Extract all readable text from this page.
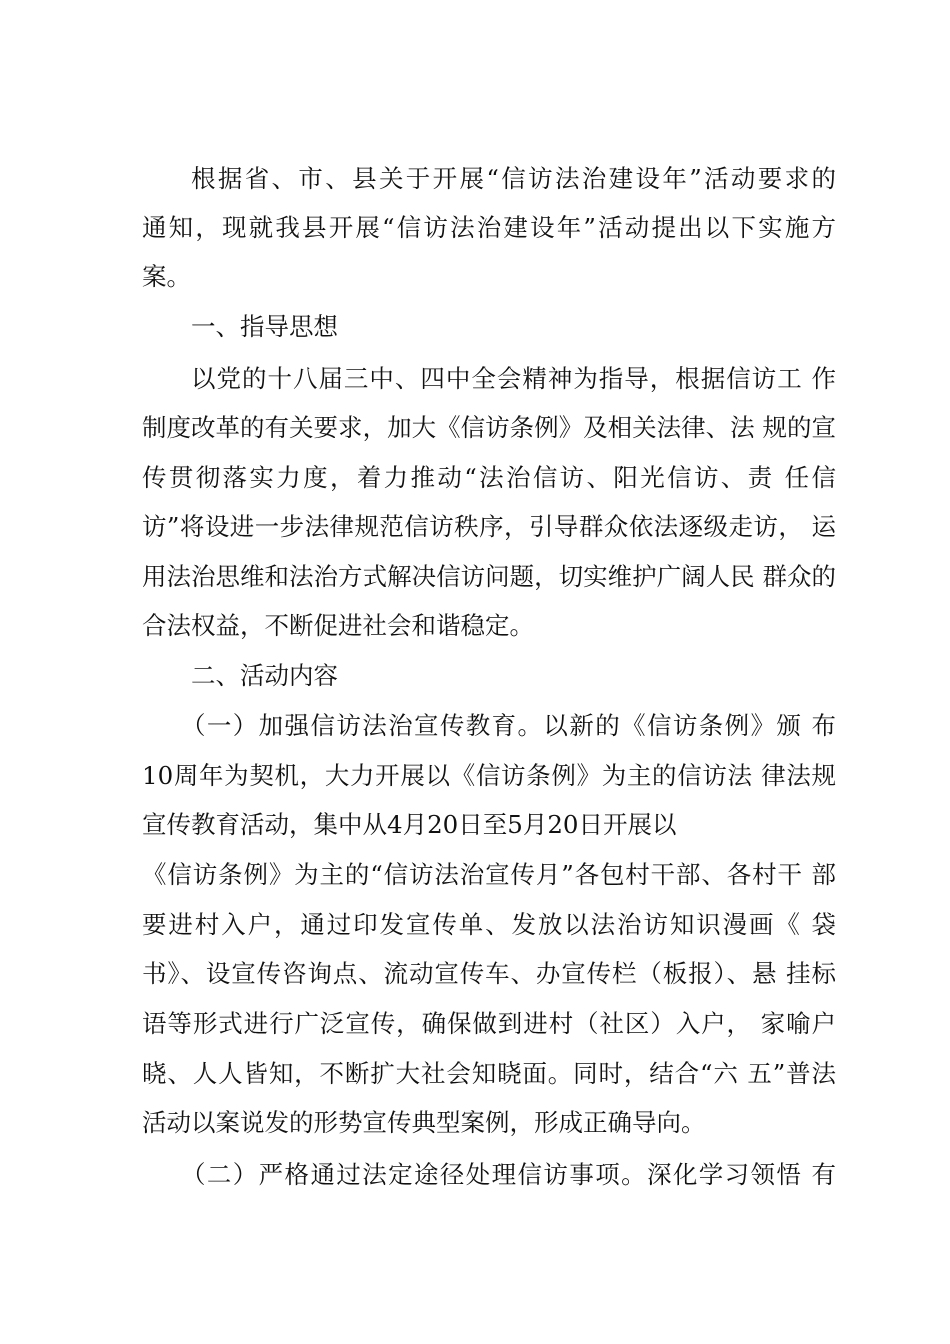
根据省、市、县关于开展“信访法治建设年”活动要求的
通知，现就我县开展“信访法治建设年”活动提出以下实施方
案。
一、指导思想
以党的十八届三中、四中全会精神为指导，根据信访工 作
制度改革的有关要求，加大《信访条例》及相关法律、法 规的宣
传贯彻落实力度，着力推动“法治信访、阳光信访、责 任信
访”将设进一步法律规范信访秩序，引导群众依法逐级走访， 运
用法治思维和法治方式解决信访问题，切实维护广阔人民 群众的
合法权益，不断促进社会和谐稳定。
二、活动内容
（一）加强信访法治宣传教育。以新的《信访条例》颁 布
10周年为契机，大力开展以《信访条例》为主的信访法 律法规
宣传教育活动，集中从4月20日至5月20日开展以
《信访条例》为主的“信访法治宣传月”各包村干部、各村干 部
要进村入户，通过印发宣传单、发放以法治访知识漫画《 袋
书》、设宣传咨询点、流动宣传车、办宣传栏（板报）、悬 挂标
语等形式进行广泛宣传，确保做到进村（社区）入户， 家喻户
晓、人人皆知，不断扩大社会知晓面。同时，结合“六 五”普法
活动以案说发的形势宣传典型案例，形成正确导向。
（二）严格通过法定途径处理信访事项。深化学习领悟 有
